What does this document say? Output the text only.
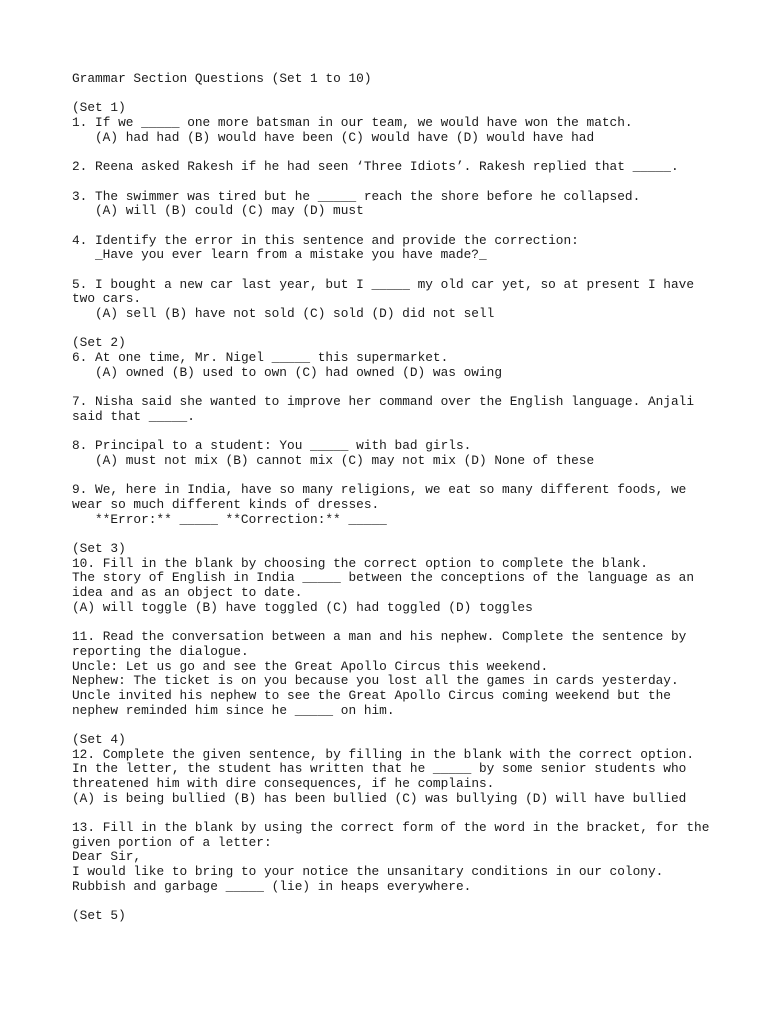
Grammar Section Questions (Set 1 to 10)
(Set 1)
1. If we _____ one more batsman in our team, we would have won the match.
(A) had had (B) would have been (C) would have (D) would have had
2. Reena asked Rakesh if he had seen ‘Three Idiots’. Rakesh replied that _____.
3. The swimmer was tired but he _____ reach the shore before he collapsed.
(A) will (B) could (C) may (D) must
4. Identify the error in this sentence and provide the correction:
_Have you ever learn from a mistake you have made?_
5. I bought a new car last year, but I _____ my old car yet, so at present I have
two cars.
(A) sell (B) have not sold (C) sold (D) did not sell
(Set 2)
6. At one time, Mr. Nigel _____ this supermarket.
(A) owned (B) used to own (C) had owned (D) was owing
7. Nisha said she wanted to improve her command over the English language. Anjali
said that _____.
8. Principal to a student: You _____ with bad girls.
(A) must not mix (B) cannot mix (C) may not mix (D) None of these
9. We, here in India, have so many religions, we eat so many different foods, we
wear so much different kinds of dresses.
**Error:** _____ **Correction:** _____
(Set 3)
10. Fill in the blank by choosing the correct option to complete the blank.
The story of English in India _____ between the conceptions of the language as an
idea and as an object to date.
(A) will toggle (B) have toggled (C) had toggled (D) toggles
11. Read the conversation between a man and his nephew. Complete the sentence by
reporting the dialogue.
Uncle: Let us go and see the Great Apollo Circus this weekend.
Nephew: The ticket is on you because you lost all the games in cards yesterday.
Uncle invited his nephew to see the Great Apollo Circus coming weekend but the
nephew reminded him since he _____ on him.
(Set 4)
12. Complete the given sentence, by filling in the blank with the correct option.
In the letter, the student has written that he _____ by some senior students who
threatened him with dire consequences, if he complains.
(A) is being bullied (B) has been bullied (C) was bullying (D) will have bullied
13. Fill in the blank by using the correct form of the word in the bracket, for the
given portion of a letter:
Dear Sir,
I would like to bring to your notice the unsanitary conditions in our colony.
Rubbish and garbage _____ (lie) in heaps everywhere.
(Set 5)
